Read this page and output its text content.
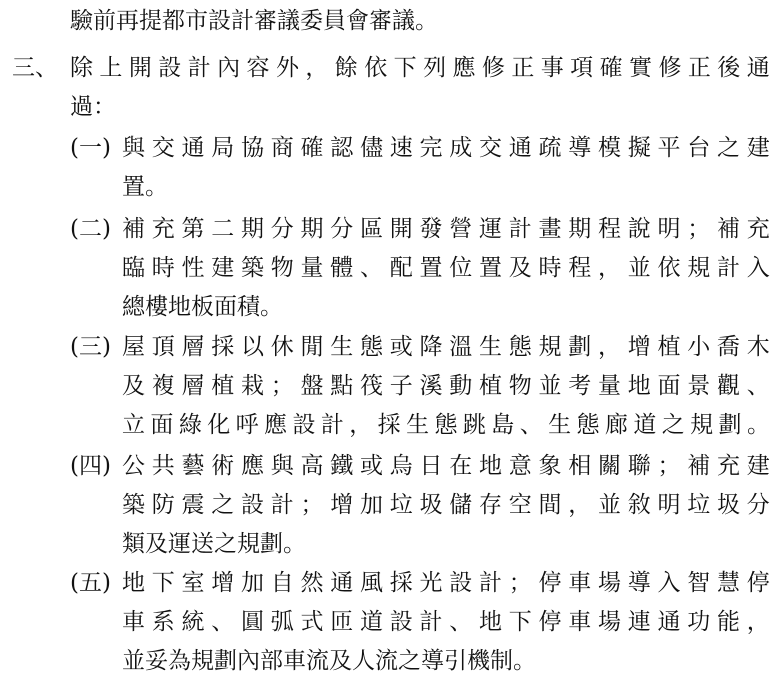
驗前再提都市設計審議委員會審議。
三、 除 上 開 設 計 內 容 外 ， 餘 依 下 列 應 修 正 事 項 確 實 修 正 後 通
過：
(一) 與 交 通 局 協 商 確 認 儘 速 完 成 交 通 疏 導 模 擬 平 台 之 建
置。
(二) 補 充 第 二 期 分 期 分 區 開 發 營 運 計 畫 期 程 說 明 ； 補 充
臨 時 性 建 築 物 量 體 、 配 置 位 置 及 時 程 ， 並 依 規 計 入
總樓地板面積。
(三) 屋 頂 層 採 以 休 閒 生 態 或 降 溫 生 態 規 劃 ， 增 植 小 喬 木
及 複 層 植 栽 ； 盤 點 筏 子 溪 動 植 物 並 考 量 地 面 景 觀 、
立 面 綠 化 呼 應 設 計 ， 採 生 態 跳 島 、 生 態 廊 道 之 規 劃 。
(四) 公 共 藝 術 應 與 高 鐵 或 烏 日 在 地 意 象 相 關 聯 ； 補 充 建
築 防 震 之 設 計 ； 增 加 垃 圾 儲 存 空 間 ， 並 敘 明 垃 圾 分
類及運送之規劃。
(五) 地 下 室 增 加 自 然 通 風 採 光 設 計 ； 停 車 場 導 入 智 慧 停
車 系 統 、 圓 弧 式 匝 道 設 計 、 地 下 停 車 場 連 通 功 能 ，
並妥為規劃內部車流及人流之導引機制。
